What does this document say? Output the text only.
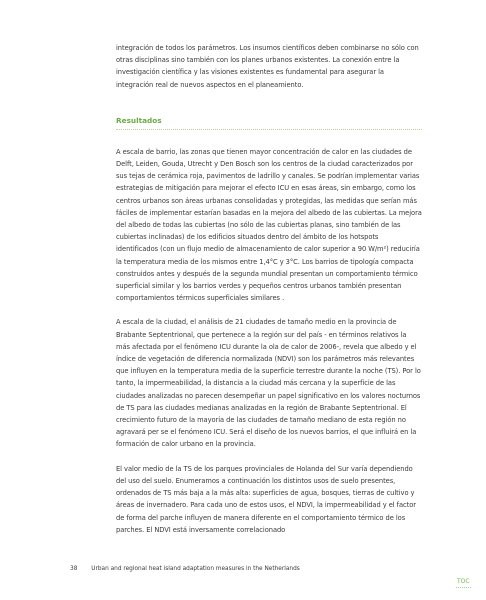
integración de todos los parámetros. Los insumos científicos deben combinarse no sólo con otras disciplinas sino también con los planes urbanos existentes. La conexión entre la investigación científica y las visiones existentes es fundamental para asegurar la integración real de nuevos aspectos en el planeamiento.

Resultados

A escala de barrio, las zonas que tienen mayor concentración de calor en las ciudades de Delft, Leiden, Gouda, Utrecht y Den Bosch son los centros de la ciudad caracterizados por sus tejas de cerámica roja, pavimentos de ladrillo y canales. Se podrían implementar varias estrategias de mitigación para mejorar el efecto ICU en esas áreas, sin embargo, como los centros urbanos son áreas urbanas consolidadas y protegidas, las medidas que serían más fáciles de implementar estarían basadas en la mejora del albedo de las cubiertas. La mejora del albedo de todas las cubiertas (no sólo de las cubiertas planas, sino también de las cubiertas inclinadas) de los edificios situados dentro del ámbito de los hotspots identificados (con un flujo medio de almacenamiento de calor superior a 90 W/m²) reduciría la temperatura media de los mismos entre 1,4°C y 3°C. Los barrios de tipología compacta construidos antes y después de la segunda mundial presentan un comportamiento térmico superficial similar y los barrios verdes y pequeños centros urbanos también presentan comportamientos térmicos superficiales similares .

A escala de la ciudad, el análisis de 21 ciudades de tamaño medio en la provincia de Brabante Septentrional, que pertenece a la región sur del país - en términos relativos la más afectada por el fenómeno ICU durante la ola de calor de 2006-, revela que albedo y el índice de vegetación de diferencia normalizada (NDVI) son los parámetros más relevantes que influyen en la temperatura media de la superficie terrestre durante la noche (TS). Por lo tanto, la impermeabilidad, la distancia a la ciudad más cercana y la superficie de las ciudades analizadas no parecen desempeñar un papel significativo en los valores nocturnos de TS para las ciudades medianas analizadas en la región de Brabante Septentrional. El crecimiento futuro de la mayoría de las ciudades de tamaño mediano de esta región no agravará per se el fenómeno ICU. Será el diseño de los nuevos barrios, el que influirá en la formación de calor urbano en la provincia.

El valor medio de la TS de los parques provinciales de Holanda del Sur varía dependiendo del uso del suelo. Enumeramos a continuación los distintos usos de suelo presentes, ordenados de TS más baja a la más alta: superficies de agua, bosques, tierras de cultivo y áreas de invernadero. Para cada uno de estos usos, el NDVI, la impermeabilidad y el factor de forma del parche influyen de manera diferente en el comportamiento térmico de los parches. El NDVI está inversamente correlacionado

38 Urban and regional heat island adaptation measures in the Netherlands
TOC
